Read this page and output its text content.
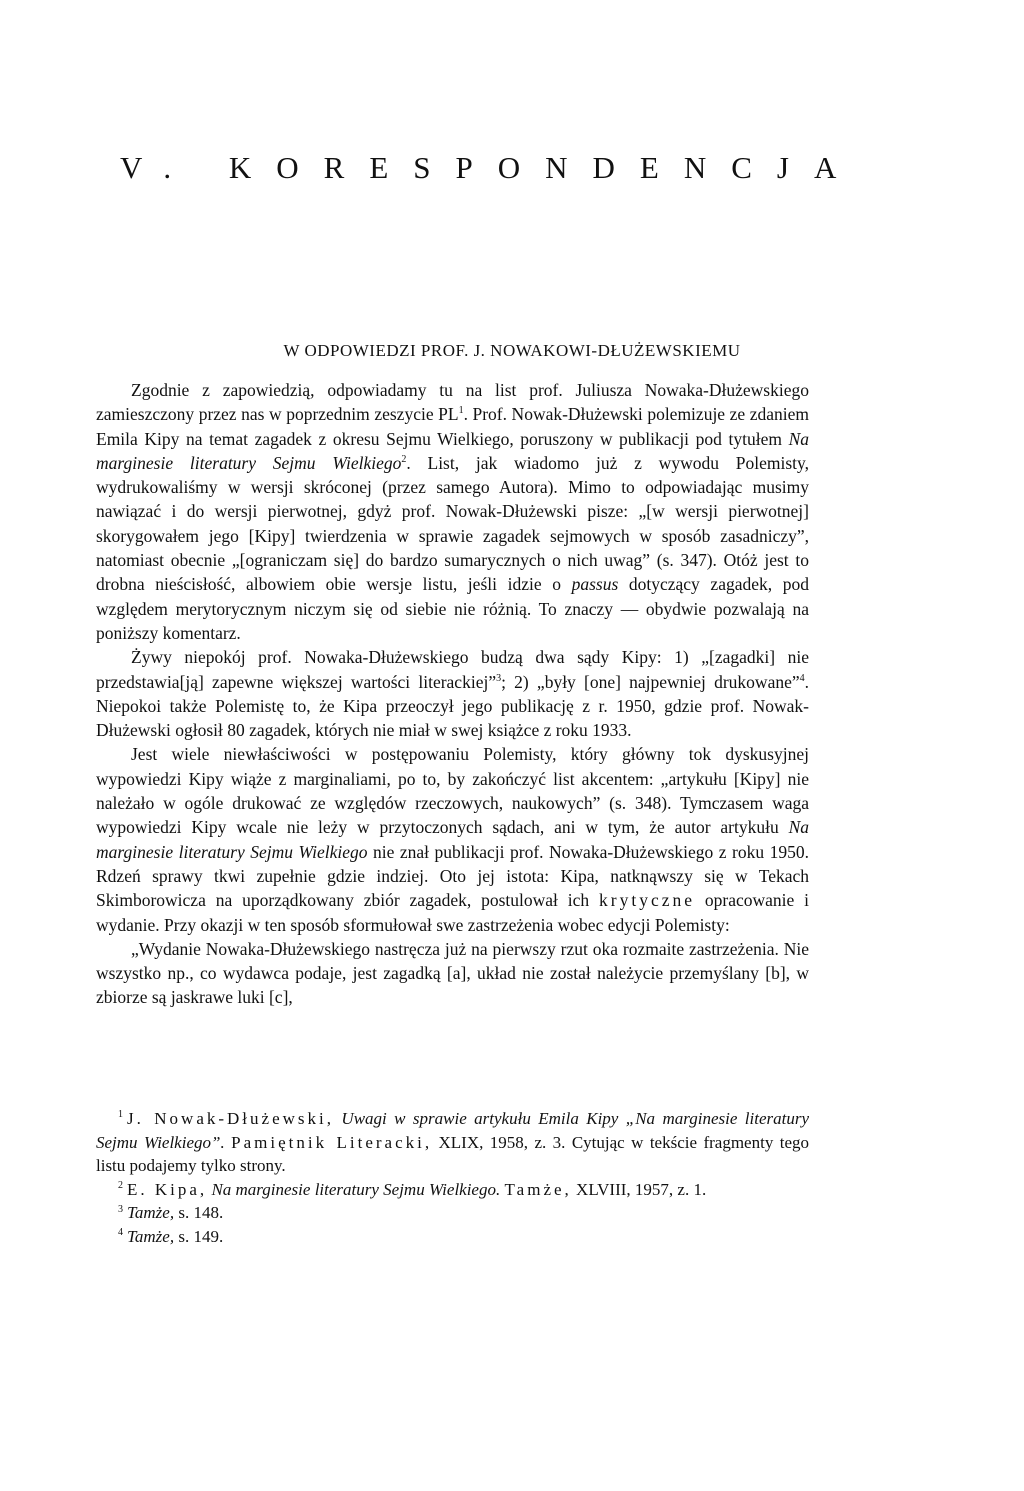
V. KORESPONDENCJA
W ODPOWIEDZI PROF. J. NOWAKOWI-DŁUŻEWSKIEMU

Zgodnie z zapowiedzią, odpowiadamy tu na list prof. Juliusza Nowaka-Dłużewskiego zamieszczony przez nas w poprzednim zeszycie $PL^1$. Prof. Nowak-Dłużewski polemizuje ze zdaniem Emila Kipy na temat zagadek z okresu Sejmu Wielkiego, poruszony w publikacji pod tytułem Na marginesie literatury Sejmu Wielkiego$^2$. List, jak wiadomo już z wywodu Polemisty, wydrukowaliśmy w wersji skróconej (przez samego Autora). Mimo to odpowiadając musimy nawiązać i do wersji pierwotnej, gdyż prof. Nowak-Dłużewski pisze: „[w wersji pierwotnej] skorygowałem jego [Kipy] twierdzenia w sprawie zagadek sejmowych w sposób zasadniczy”, natomiast obecnie „[ograniczam się] do bardzo sumarycznych o nich uwag” (s. 347). Otóż jest to drobna nieścisłość, albowiem obie wersje listu, jeśli idzie o passus dotyczący zagadek, pod względem merytorycznym niczym się od siebie nie różnią. To znaczy — obydwie pozwalają na poniższy komentarz.

Żywy niepokój prof. Nowaka-Dłużewskiego budzą dwa sądy Kipy: 1) „[zagadki] nie przedstawia[ją] zapewne większej wartości literackiej”$^3$; 2) „były [one] najpewniej drukowane”$^4$. Niepokoi także Polemistę to, że Kipa przeoczył jego publikację z r. 1950, gdzie prof. Nowak-Dłużewski ogłosił 80 zagadek, których nie miał w swej książce z roku 1933.

Jest wiele niewłaściwości w postępowaniu Polemisty, który główny tok dyskusyjnej wypowiedzi Kipy wiąże z marginaliami, po to, by zakończyć list akcentem: „artykułu [Kipy] nie należało w ogóle drukować ze względów rzeczowych, naukowych” (s. 348). Tymczasem waga wypowiedzi Kipy wcale nie leży w przytoczonych sądach, ani w tym, że autor artykułu Na marginesie literatury Sejmu Wielkiego nie znał publikacji prof. Nowaka-Dłużewskiego z roku 1950. Rdzeń sprawy tkwi zupełnie gdzie indziej. Oto jej istota: Kipa, natknąwszy się w Tekach Skimborowicza na uporządkowany zbiór zagadek, postulował ich krytyczne opracowanie i wydanie. Przy okazji w ten sposób sformułował swe zastrzeżenia wobec edycji Polemisty:

„Wydanie Nowaka-Dłużewskiego nastręcza już na pierwszy rzut oka rozmaite zastrzeżenia. Nie wszystko np., co wydawca podaje, jest zagadką [a], układ nie został należycie przemyślany [b], w zbiorze są jaskrawe luki [c],

$^1$ J. Nowak-Dłużewski, Uwagi w sprawie artykułu Emila Kipy „Na marginesie literatury Sejmu Wielkiego”. Pamiętnik Literacki, XLIX, 1958, z. 3. Cytując w tekście fragmenty tego listu podajemy tylko strony.

$^2$ E. Kipa, Na marginesie literatury Sejmu Wielkiego. Tamże, XLVIII, 1957, z. 1.

$^3$ Tamże, s. 148.

$^4$ Tamże, s. 149.
